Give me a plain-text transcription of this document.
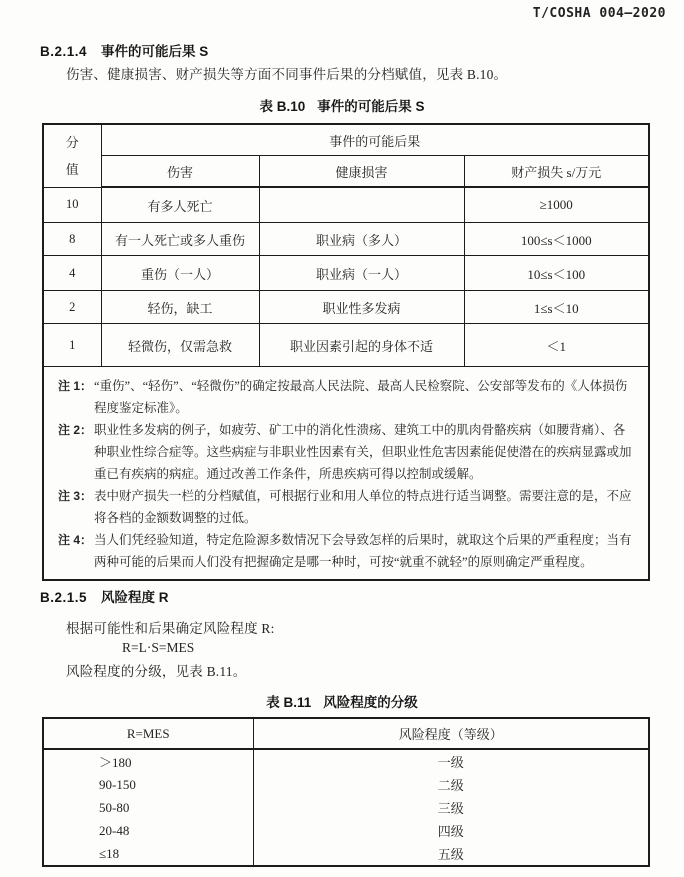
T/COSHA 004—2020
B.2.1.4 事件的可能后果 S
伤害、健康损害、财产损失等方面不同事件后果的分档赋值，见表 B.10。
表 B.10 事件的可能后果 S
分
值	事件的可能后果		
	伤害	健康损害	财产损失 s/万元
10	有多人死亡		≥1000
8	有一人死亡或多人重伤	职业病（多人）	100≤s＜1000
4	重伤（一人）	职业病（一人）	10≤s＜100
2	轻伤，缺工	职业性多发病	1≤s＜10
1	轻微伤，仅需急救	职业因素引起的身体不适	＜1

注 1： “重伤”、“轻伤”、“轻微伤”的确定按最高人民法院、最高人民检察院、公安部等发布的《人体损伤程度鉴定标准》。
注 2： 职业性多发病的例子，如疲劳、矿工中的消化性溃疡、建筑工中的肌肉骨骼疾病（如腰背痛）、各种职业性综合症等。这些病症与非职业性因素有关，但职业性危害因素能促使潜在的疾病显露或加重已有疾病的病症。通过改善工作条件，所患疾病可得以控制或缓解。
注 3： 表中财产损失一栏的分档赋值，可根据行业和用人单位的特点进行适当调整。需要注意的是，不应将各档的金额数调整的过低。
注 4： 当人们凭经验知道，特定危险源多数情况下会导致怎样的后果时，就取这个后果的严重程度；当有两种可能的后果而人们没有把握确定是哪一种时，可按“就重不就轻”的原则确定严重程度。
B.2.1.5 风险程度 R
根据可能性和后果确定风险程度 R:
R=L·S=MES
风险程度的分级，见表 B.11。
表 B.11 风险程度的分级
R=MES	风险程度（等级）
＞180	一级
90-150	二级
50-80	三级
20-48	四级
≤18	五级
